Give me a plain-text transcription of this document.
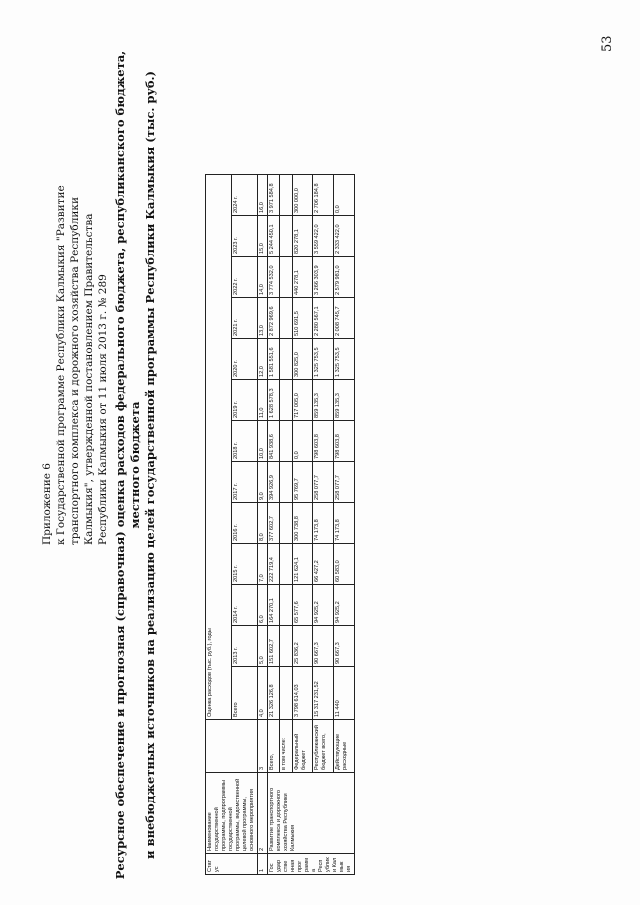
53
Приложение 6 к Государственной программе Республики Калмыкия "Развитие транспортного комплекса и дорожного хозяйства Республики Калмыкия", утвержденной постановлением Правительства Республики Калмыкия от 11 июля 2013 г. № 289 Ресурсное обеспечение и прогнозная (справочная) оценка расходов федерального бюджета, республиканского бюджета, местного бюджета и внебюджетных источников на реализацию целей государственной программы Республики Калмыкия (тыс. руб.)
Стат ус	Наименование государственной программы, подпрограммы государственной программы, ведомственной целевой программы, основного мероприятия		Оценка расходов (тыс. руб.), годы												
			Всего	2013 г.	2014 г.	2015 г.	2016 г.	2017 г.	2018 г.	2019 г.	2020 г.	2021 г.	2022 г.	2023 г.	2024 г.
1	2	3	4,0	5,0	6,0	7,0	8,0	9,0	10,0	11,0	12,0	13,0	14,0	15,0	16,0
Гос удар стве нная прог рамм а Респ ублик и Кал мык ия	Развитие транспортного комплекса и дорожного хозяйства Республики Калмыкия	Всего,	21 326 126,8	151 602,7	164 270,1	222 719,4	377 602,7	394 926,9	841 938,6	1 628 578,3	1 581 551,6	2 872 969,6	3 774 532,0	5 244 450,1	3 971 584,8
		в том числе:													
		Федеральный бюджет	3 798 614,03	25 836,2	65 577,6	121 624,1	300 738,8	95 769,7	0,0	717 005,0	300 825,0	510 691,5	440 278,1	820 278,1	300 000,0
		Республиканский бюджет всего,	15 317 231,52	90 667,3	94 925,2	66 427,2	74 173,8	258 077,7	798 603,8	859 135,3	1 325 753,5	2 280 567,1	3 266 303,9	3 559 422,0	2 706 184,8
		Действующие расходные	11 440	90 667,3	94 925,2	60 583,0	74 173,8	258 077,7	798 603,8	859 135,3	1 325 753,5	2 008 745,7	2 579 981,0	2 333 422,0	0,0
